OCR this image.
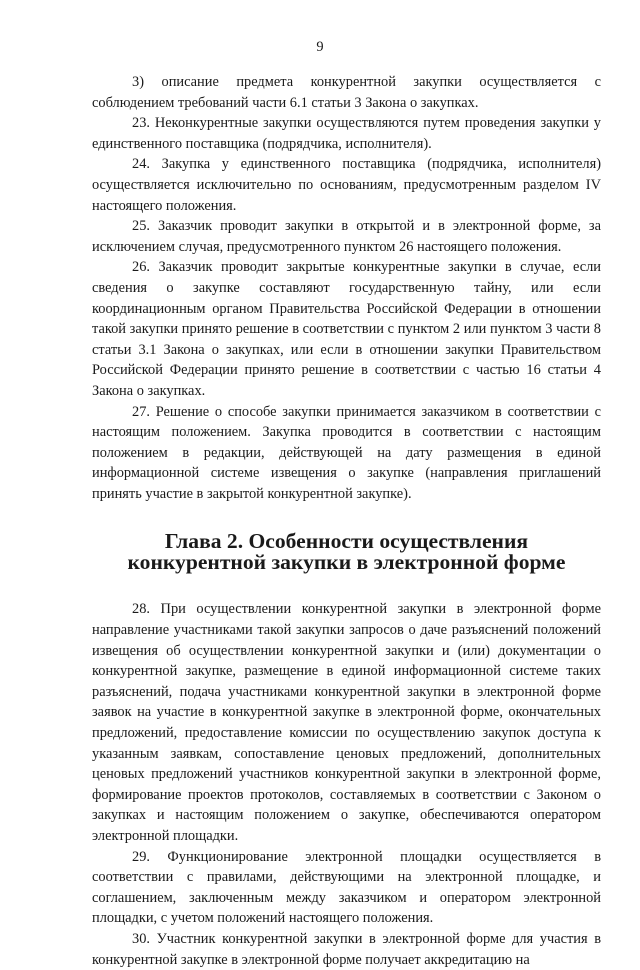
9

3) описание предмета конкурентной закупки осуществляется с соблюдением требований части 6.1 статьи 3 Закона о закупках.

23. Неконкурентные закупки осуществляются путем проведения закупки у единственного поставщика (подрядчика, исполнителя).

24. Закупка у единственного поставщика (подрядчика, исполнителя) осуществляется исключительно по основаниям, предусмотренным разделом IV настоящего положения.

25. Заказчик проводит закупки в открытой и в электронной форме, за исключением случая, предусмотренного пунктом 26 настоящего положения.

26. Заказчик проводит закрытые конкурентные закупки в случае, если сведения о закупке составляют государственную тайну, или если координационным органом Правительства Российской Федерации в отношении такой закупки принято решение в соответствии с пунктом 2 или пунктом 3 части 8 статьи 3.1 Закона о закупках, или если в отношении закупки Правительством Российской Федерации принято решение в соответствии с частью 16 статьи 4 Закона о закупках.

27. Решение о способе закупки принимается заказчиком в соответствии с настоящим положением. Закупка проводится в соответствии с настоящим положением в редакции, действующей на дату размещения в единой информационной системе извещения о закупке (направления приглашений принять участие в закрытой конкурентной закупке).

Глава 2. Особенности осуществления конкурентной закупки в электронной форме

28. При осуществлении конкурентной закупки в электронной форме направление участниками такой закупки запросов о даче разъяснений положений извещения об осуществлении конкурентной закупки и (или) документации о конкурентной закупке, размещение в единой информационной системе таких разъяснений, подача участниками конкурентной закупки в электронной форме заявок на участие в конкурентной закупке в электронной форме, окончательных предложений, предоставление комиссии по осуществлению закупок доступа к указанным заявкам, сопоставление ценовых предложений, дополнительных ценовых предложений участников конкурентной закупки в электронной форме, формирование проектов протоколов, составляемых в соответствии с Законом о закупках и настоящим положением о закупке, обеспечиваются оператором электронной площадки.

29. Функционирование электронной площадки осуществляется в соответствии с правилами, действующими на электронной площадке, и соглашением, заключенным между заказчиком и оператором электронной площадки, с учетом положений настоящего положения.

30. Участник конкурентной закупки в электронной форме для участия в конкурентной закупке в электронной форме получает аккредитацию на
